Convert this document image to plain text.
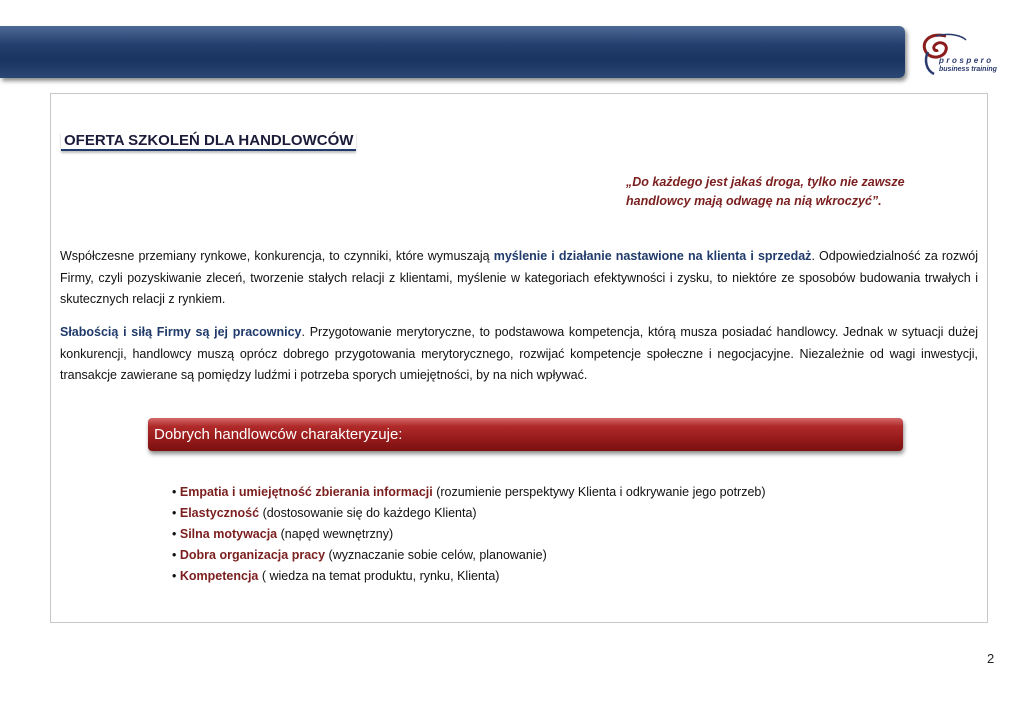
prospero
business training
OFERTA SZKOLEŃ DLA HANDLOWCÓW
„Do każdego jest jakaś droga, tylko nie zawsze handlowcy mają odwagę na nią wkroczyć”.
Współczesne przemiany rynkowe, konkurencja, to czynniki, które wymuszają myślenie i działanie nastawione na klienta i sprzedaż. Odpowiedzialność za rozwój Firmy, czyli pozyskiwanie zleceń, tworzenie stałych relacji z klientami, myślenie w kategoriach efektywności i zysku, to niektóre ze sposobów budowania trwałych i skutecznych relacji z rynkiem.
Słabością i siłą Firmy są jej pracownicy. Przygotowanie merytoryczne, to podstawowa kompetencja, którą musza posiadać handlowcy. Jednak w sytuacji dużej konkurencji, handlowcy muszą oprócz dobrego przygotowania merytorycznego, rozwijać kompetencje społeczne i negocjacyjne. Niezależnie od wagi inwestycji, transakcje zawierane są pomiędzy ludźmi i potrzeba sporych umiejętności, by na nich wpływać.
Dobrych handlowców charakteryzuje:
• Empatia i umiejętność zbierania informacji (rozumienie perspektywy Klienta i odkrywanie jego potrzeb)
• Elastyczność (dostosowanie się do każdego Klienta)
• Silna motywacja (napęd wewnętrzny)
• Dobra organizacja pracy (wyznaczanie sobie celów, planowanie)
• Kompetencja ( wiedza na temat produktu, rynku, Klienta)
2
